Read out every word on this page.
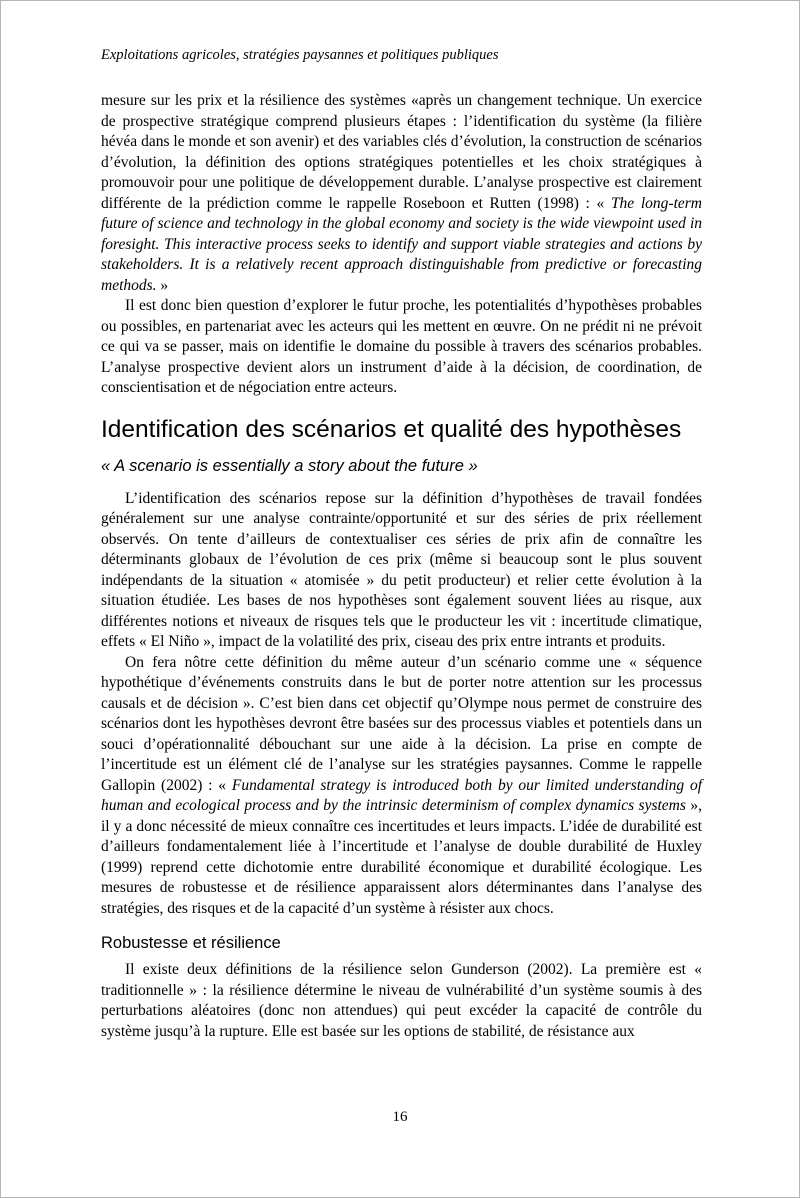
Exploitations agricoles, stratégies paysannes et politiques publiques

mesure sur les prix et la résilience des systèmes «après un changement technique. Un exercice de prospective stratégique comprend plusieurs étapes : l’identification du système (la filière hévéa dans le monde et son avenir) et des variables clés d’évolution, la construction de scénarios d’évolution, la définition des options stratégiques potentielles et les choix stratégiques à promouvoir pour une politique de développement durable. L’analyse prospective est clairement différente de la prédiction comme le rappelle Roseboon et Rutten (1998) : « The long-term future of science and technology in the global economy and society is the wide viewpoint used in foresight. This interactive process seeks to identify and support viable strategies and actions by stakeholders. It is a relatively recent approach distinguishable from predictive or forecasting methods. »

Il est donc bien question d’explorer le futur proche, les potentialités d’hypothèses probables ou possibles, en partenariat avec les acteurs qui les mettent en œuvre. On ne prédit ni ne prévoit ce qui va se passer, mais on identifie le domaine du possible à travers des scénarios probables. L’analyse prospective devient alors un instrument d’aide à la décision, de coordination, de conscientisation et de négociation entre acteurs.

Identification des scénarios et qualité des hypothèses
« A scenario is essentially a story about the future »

L’identification des scénarios repose sur la définition d’hypothèses de travail fondées généralement sur une analyse contrainte/opportunité et sur des séries de prix réellement observés. On tente d’ailleurs de contextualiser ces séries de prix afin de connaître les déterminants globaux de l’évolution de ces prix (même si beaucoup sont le plus souvent indépendants de la situation « atomisée » du petit producteur) et relier cette évolution à la situation étudiée. Les bases de nos hypothèses sont également souvent liées au risque, aux différentes notions et niveaux de risques tels que le producteur les vit : incertitude climatique, effets « El Niño », impact de la volatilité des prix, ciseau des prix entre intrants et produits.

On fera nôtre cette définition du même auteur d’un scénario comme une « séquence hypothétique d’événements construits dans le but de porter notre attention sur les processus causals et de décision ». C’est bien dans cet objectif qu’Olympe nous permet de construire des scénarios dont les hypothèses devront être basées sur des processus viables et potentiels dans un souci d’opérationnalité débouchant sur une aide à la décision. La prise en compte de l’incertitude est un élément clé de l’analyse sur les stratégies paysannes. Comme le rappelle Gallopin (2002) : « Fundamental strategy is introduced both by our limited understanding of human and ecological process and by the intrinsic determinism of complex dynamics systems », il y a donc nécessité de mieux connaître ces incertitudes et leurs impacts. L’idée de durabilité est d’ailleurs fondamentalement liée à l’incertitude et l’analyse de double durabilité de Huxley (1999) reprend cette dichotomie entre durabilité économique et durabilité écologique. Les mesures de robustesse et de résilience apparaissent alors déterminantes dans l’analyse des stratégies, des risques et de la capacité d’un système à résister aux chocs.

Robustesse et résilience

Il existe deux définitions de la résilience selon Gunderson (2002). La première est « traditionnelle » : la résilience détermine le niveau de vulnérabilité d’un système soumis à des perturbations aléatoires (donc non attendues) qui peut excéder la capacité de contrôle du système jusqu’à la rupture. Elle est basée sur les options de stabilité, de résistance aux

16
